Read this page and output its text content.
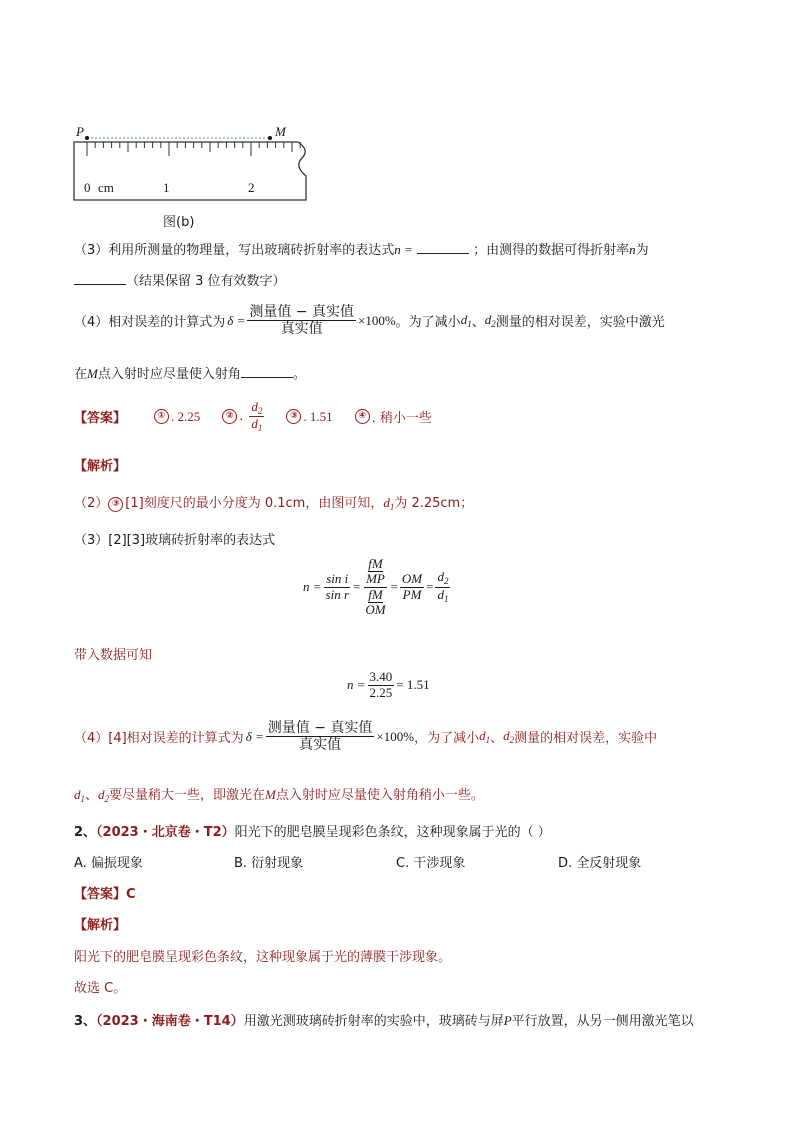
P	M
0 cm	1	2
图(b)
（3）利用所测量的物理量，写出玻璃砖折射率的表达式n =	；由测得的数据可得折射率n为
（结果保留 3 位有效数字）
（4）相对误差的计算式为 $\delta = \frac{\text{测量值 − 真实值}}{\text{真实值}} \times 100\%$ 。为了减小 $d_1$ 、 $d_2$ 测量的相对误差，实验中激光
在M点入射时应尽量使入射角	。
【答案】	① . 2.25	② . $\frac{d_2}{d_1}$	③ . 1.51	④ . 稍小一些
【解析】
（2） ③ [1]刻度尺的最小分度为 0.1cm，由图可知，$d_1$为 2.25cm；
（3）[2][3]玻璃砖折射率的表达式
$n = \frac{\text{sin i}}{\text{sin r}}$ = fM
MP
fM
OM = $\frac{OM}{PM} = \frac{d_2}{d_1}$
带入数据可知
$n = \frac{3.40}{2.25} = 1.51$
（4）[4]相对误差的计算式为 $\delta = \frac{\text{测量值 − 真实值}}{\text{真实值}} \times 100\%$ ，为了减小 $d_1$ 、 $d_2$ 测量的相对误差，实验中
$d_1$、$d_2$要尽量稍大一些，即激光在M点入射时应尽量使入射角稍小一些。
2、（2023・北京卷・T2）阳光下的肥皂膜呈现彩色条纹，这种现象属于光的（ ）
A. 偏振现象	B. 衍射现象	C. 干涉现象	D. 全反射现象
【答案】C
【解析】
阳光下的肥皂膜呈现彩色条纹，这种现象属于光的薄膜干涉现象。
故选 C。
3、（2023・海南卷・T14）用激光测玻璃砖折射率的实验中，玻璃砖与屏P平行放置，从另一侧用激光笔以
